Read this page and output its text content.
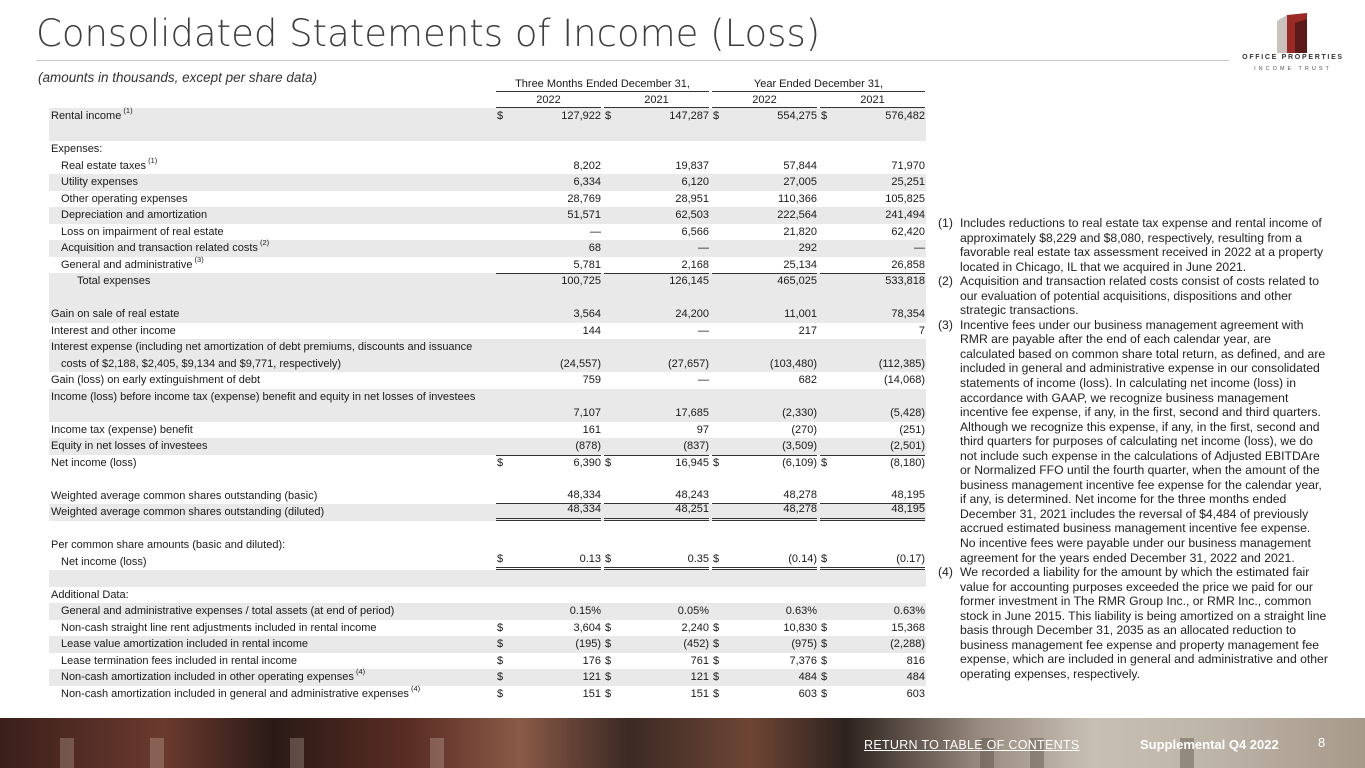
Consolidated Statements of Income (Loss)
OFFICE PROPERTIES
INCOME TRUST
(amounts in thousands, except per share data)	Three Months Ended December 31,	Year Ended December 31,
2022	2021	2022	2021
Rental income $^{(1)}$	$	127,922 $	147,287 $	554,275 $	576,482
Expenses:
Real estate taxes $^{(1)}$	8,202	19,837	57,844	71,970
Utility expenses	6,334	6,120	27,005	25,251
Other operating expenses	28,769	28,951	110,366	105,825
Depreciation and amortization	51,571	62,503	222,564	241,494
Loss on impairment of real estate	—	6,566	21,820	62,420
Acquisition and transaction related costs $^{(2)}$	68	—	292	—
General and administrative $^{(3)}$	5,781	2,168	25,134	26,858
Total expenses	100,725	126,145	465,025	533,818
Gain on sale of real estate	3,564	24,200	11,001	78,354
Interest and other income	144	—	217	7
Interest expense (including net amortization of debt premiums, discounts and issuance costs of $2,188, $2,405, $9,134 and $9,771, respectively)	(24,557)	(27,657)	(103,480)	(112,385)
Gain (loss) on early extinguishment of debt	759	—	682	(14,068)
Income (loss) before income tax (expense) benefit and equity in net losses of investees
7,107	17,685	(2,330)	(5,428)
Income tax (expense) benefit	161	97	(270)	(251)
Equity in net losses of investees	(878)	(837)	(3,509)	(2,501)
Net income (loss)	$	6,390 $	16,945 $	(6,109) $	(8,180)
Weighted average common shares outstanding (basic)	48,334	48,243	48,278	48,195
Weighted average common shares outstanding (diluted)	48,334	48,251	48,278	48,195
Per common share amounts (basic and diluted):
Net income (loss)	$	0.13 $	0.35 $	(0.14) $	(0.17)
Additional Data:
General and administrative expenses / total assets (at end of period)	0.15%	0.05%	0.63%	0.63%
Non-cash straight line rent adjustments included in rental income	$	3,604 $	2,240 $	10,830 $	15,368
Lease value amortization included in rental income	$	(195) $	(452) $	(975) $	(2,288)
Lease termination fees included in rental income	$	176 $	761 $	7,376 $	816
Non-cash amortization included in other operating expenses $^{(4)}$	$	121 $	121 $	484 $	484
Non-cash amortization included in general and administrative expenses $^{(4)}$	$	151 $	151 $	603 $	603
(1) Includes reductions to real estate tax expense and rental income of approximately $8,229 and $8,080, respectively, resulting from a favorable real estate tax assessment received in 2022 at a property located in Chicago, IL that we acquired in June 2021.
(2) Acquisition and transaction related costs consist of costs related to our evaluation of potential acquisitions, dispositions and other strategic transactions.
(3) Incentive fees under our business management agreement with RMR are payable after the end of each calendar year, are calculated based on common share total return, as defined, and are included in general and administrative expense in our consolidated statements of income (loss). In calculating net income (loss) in accordance with GAAP, we recognize business management incentive fee expense, if any, in the first, second and third quarters. Although we recognize this expense, if any, in the first, second and third quarters for purposes of calculating net income (loss), we do not include such expense in the calculations of Adjusted EBITDAre or Normalized FFO until the fourth quarter, when the amount of the business management incentive fee expense for the calendar year, if any, is determined. Net income for the three months ended December 31, 2021 includes the reversal of $4,484 of previously accrued estimated business management incentive fee expense. No incentive fees were payable under our business management agreement for the years ended December 31, 2022 and 2021.
(4) We recorded a liability for the amount by which the estimated fair value for accounting purposes exceeded the price we paid for our former investment in The RMR Group Inc., or RMR Inc., common stock in June 2015. This liability is being amortized on a straight line basis through December 31, 2035 as an allocated reduction to business management fee expense and property management fee expense, which are included in general and administrative and other operating expenses, respectively.
RETURN TO TABLE OF CONTENTS	Supplemental Q4 2022	8
